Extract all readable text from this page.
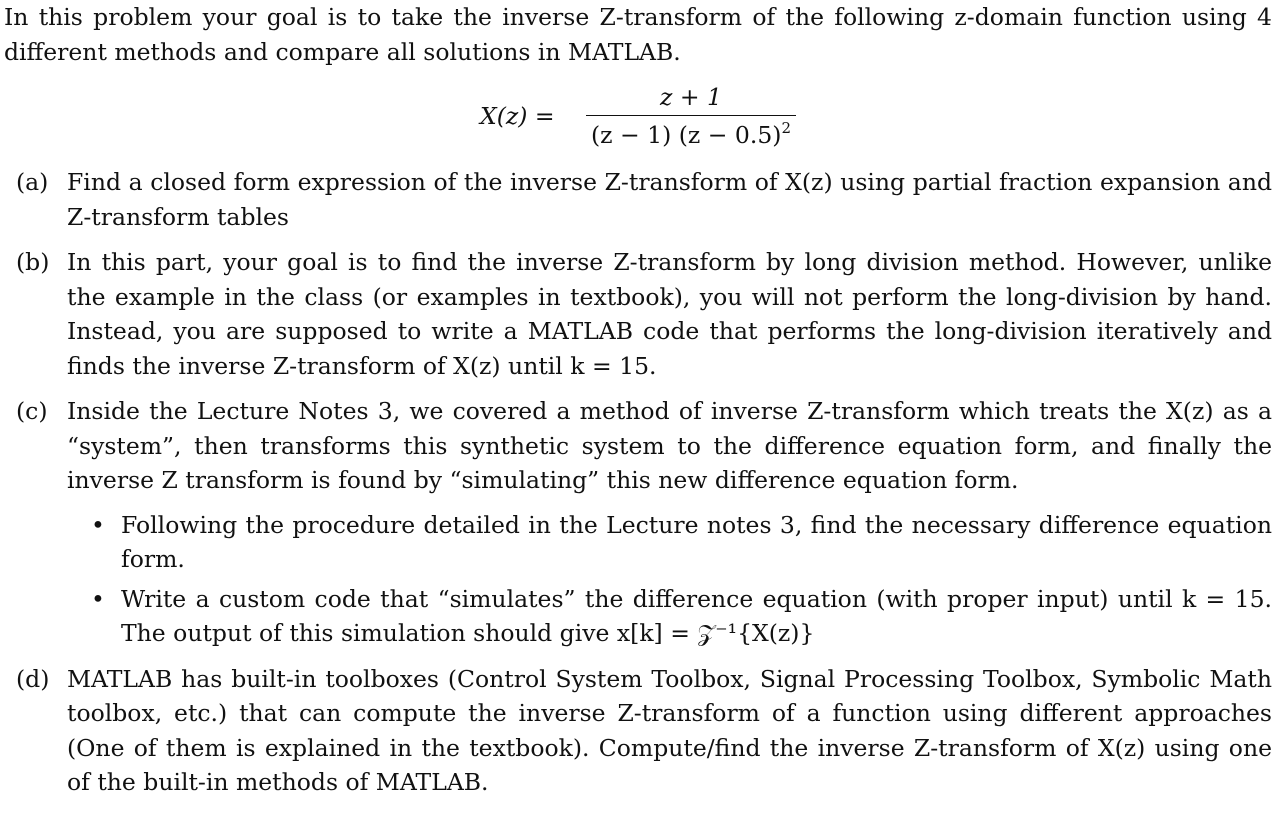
In this problem your goal is to take the inverse Z-transform of the following z-domain function using 4 different methods and compare all solutions in MATLAB.

X(z) =
z + 1
(z − 1) $(z - 0.5)^2$
(a) Find a closed form expression of the inverse Z-transform of X(z) using partial fraction expansion and Z-transform tables

(b) In this part, your goal is to find the inverse Z-transform by long division method. However, unlike the example in the class (or examples in textbook), you will not perform the long-division by hand. Instead, you are supposed to write a MATLAB code that performs the long-division iteratively and finds the inverse Z-transform of X(z) until k = 15.

(c) Inside the Lecture Notes 3, we covered a method of inverse Z-transform which treats the X(z) as a “system”, then transforms this synthetic system to the difference equation form, and finally the inverse Z transform is found by “simulating” this new difference equation form.

• Following the procedure detailed in the Lecture notes 3, find the necessary difference equation form.

• Write a custom code that “simulates” the difference equation (with proper input) until k = 15. The output of this simulation should give x[k] = 𝒵⁻¹{X(z)}

(d) MATLAB has built-in toolboxes (Control System Toolbox, Signal Processing Toolbox, Symbolic Math toolbox, etc.) that can compute the inverse Z-transform of a function using different approaches (One of them is explained in the textbook). Compute/find the inverse Z-transform of X(z) using one of the built-in methods of MATLAB.
